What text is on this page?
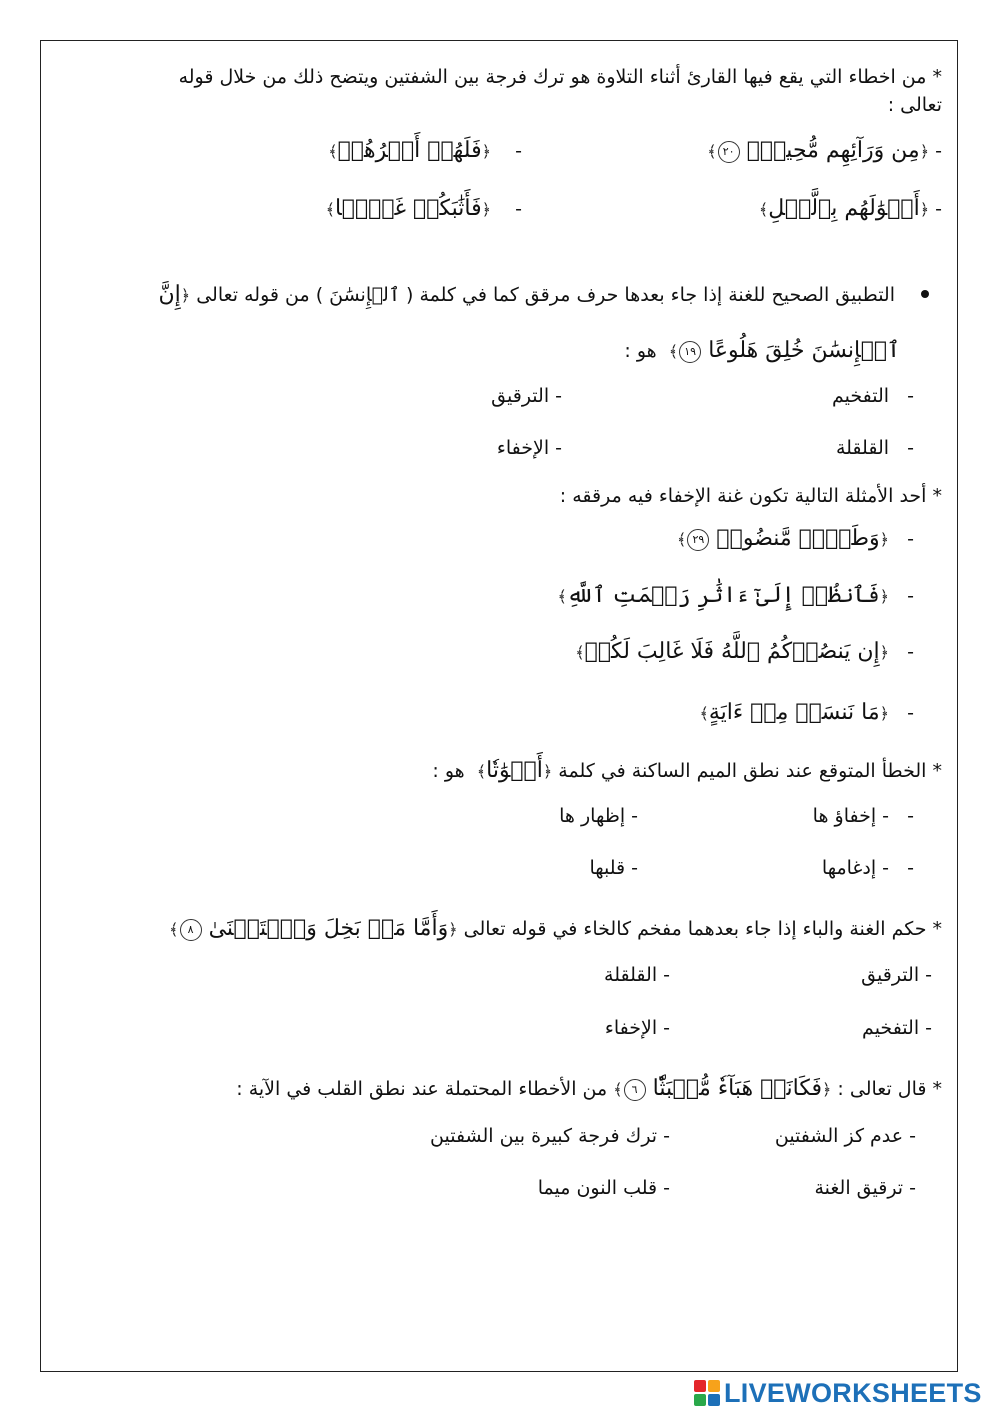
* من اخطاء التي يقع فيها القارئ أثناء التلاوة هو ترك فرجة بين الشفتين ويتضح ذلك من خلال قوله
تعالى :
- ﴿مِن وَرَآئِهِم مُّحِيطُۢ ٢٠﴾
-    ﴿فَلَهُمۡ أَجۡرُهُمۡ﴾
- ﴿أَمۡوَٰلَهُم بِٱلَّيۡلِ﴾
-    ﴿فَأَثَٰبَكُمۡ غَمَّۢا﴾
التطبيق الصحيح للغنة إذا جاء بعدها حرف مرقق كما في كلمة ( ٱلۡإِنسَٰنَ ) من قوله تعالى ﴿إِنَّ
ٱلۡإِنسَٰنَ خُلِقَ هَلُوعًا ١٩﴾  هو :
-   التفخيم
- الترقيق
-   القلقلة
- الإخفاء
* أحد الأمثلة التالية تكون غنة الإخفاء فيه مرققه :
-   ﴿وَطَلۡحٖ مَّنضُودٖ ٢٩﴾
-   ﴿فَٱنظُرۡ إِلَىٰٓ ءَاثَٰرِ رَحۡمَتِ ٱللَّهِ﴾
-   ﴿إِن يَنصُرۡكُمُ ٱللَّهُ فَلَا غَالِبَ لَكُمۡ﴾
-   ﴿مَا نَنسَخۡ مِنۡ ءَايَةٍ﴾
* الخطأ المتوقع عند نطق الميم الساكنة في كلمة ﴿أَمۡوَٰتٗا﴾  هو :
-   - إخفاؤ ها
- إظهار ها
-   - إدغامها
- قلبها
* حكم الغنة والباء إذا جاء بعدهما مفخم كالخاء في قوله تعالى ﴿وَأَمَّا مَنۢ بَخِلَ وَٱسۡتَغۡنَىٰ ٨﴾
- الترقيق
- القلقلة
- التفخيم
- الإخفاء
* قال تعالى : ﴿فَكَانَتۡ هَبَآءٗ مُّنۢبَثّٗا ٦﴾ من الأخطاء المحتملة عند نطق القلب في الآية :
- عدم كز الشفتين
- ترك فرجة كبيرة بين الشفتين
- ترقيق الغنة
- قلب النون ميما
LIVEWORKSHEETS
